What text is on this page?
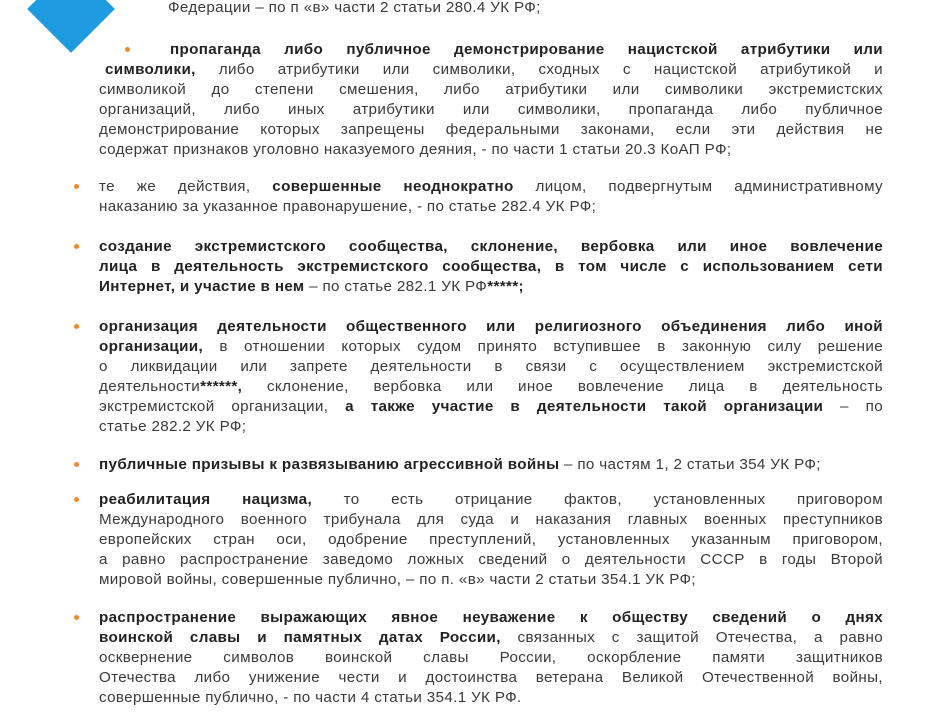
Федерации – по п «в» части 2 статьи 280.4 УК РФ;
пропаганда либо публичное демонстрирование нацистской атрибутики или
символики, либо атрибутики или символики, сходных с нацистской атрибутикой и
символикой до степени смешения, либо атрибутики или символики экстремистских
организаций, либо иных атрибутики или символики, пропаганда либо публичное
демонстрирование которых запрещены федеральными законами, если эти действия не
содержат признаков уголовно наказуемого деяния, - по части 1 статьи 20.3 КоАП РФ;
те же действия, совершенные неоднократно лицом, подвергнутым административному
наказанию за указанное правонарушение, - по статье 282.4 УК РФ;
создание экстремистского сообщества, склонение, вербовка или иное вовлечение
лица в деятельность экстремистского сообщества, в том числе с использованием сети
Интернет, и участие в нем – по статье 282.1 УК РФ*****;
организация деятельности общественного или религиозного объединения либо иной
организации, в отношении которых судом принято вступившее в законную силу решение
о ликвидации или запрете деятельности в связи с осуществлением экстремистской
деятельности******, склонение, вербовка или иное вовлечение лица в деятельность
экстремистской организации, а также участие в деятельности такой организации – по
статье 282.2 УК РФ;
публичные призывы к развязыванию агрессивной войны – по частям 1, 2 статьи 354 УК РФ;
реабилитация нацизма, то есть отрицание фактов, установленных приговором
Международного военного трибунала для суда и наказания главных военных преступников
европейских стран оси, одобрение преступлений, установленных указанным приговором,
а равно распространение заведомо ложных сведений о деятельности СССР в годы Второй
мировой войны, совершенные публично, – по п. «в» части 2 статьи 354.1 УК РФ;
распространение выражающих явное неуважение к обществу сведений о днях
воинской славы и памятных датах России, связанных с защитой Отечества, а равно
осквернение символов воинской славы России, оскорбление памяти защитников
Отечества либо унижение чести и достоинства ветерана Великой Отечественной войны,
совершенные публично, - по части 4 статьи 354.1 УК РФ.
